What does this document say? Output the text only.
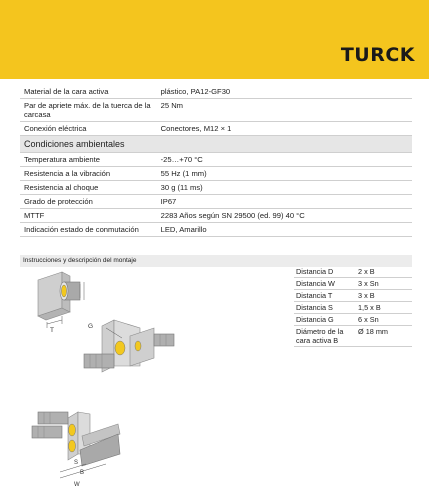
TURCK
Material de la cara activa	plástico, PA12-GF30
Par de apriete máx. de la tuerca de la carcasa	25 Nm
Conexión eléctrica	Conectores, M12 × 1
Condiciones ambientales	
Temperatura ambiente	-25…+70 °C
Resistencia a la vibración	55 Hz (1 mm)
Resistencia al choque	30 g (11 ms)
Grado de protección	IP67
MTTF	2283 Años según SN 29500 (ed. 99) 40 °C
Indicación estado de conmutación	LED, Amarillo
Instrucciones y descripción del montaje
T
G
S
B
W
Distancia D	2 x B
Distancia W	3 x Sn
Distancia T	3 x B
Distancia S	1,5 x B
Distancia G	6 x Sn
Diámetro de la cara activa B	Ø 18 mm
